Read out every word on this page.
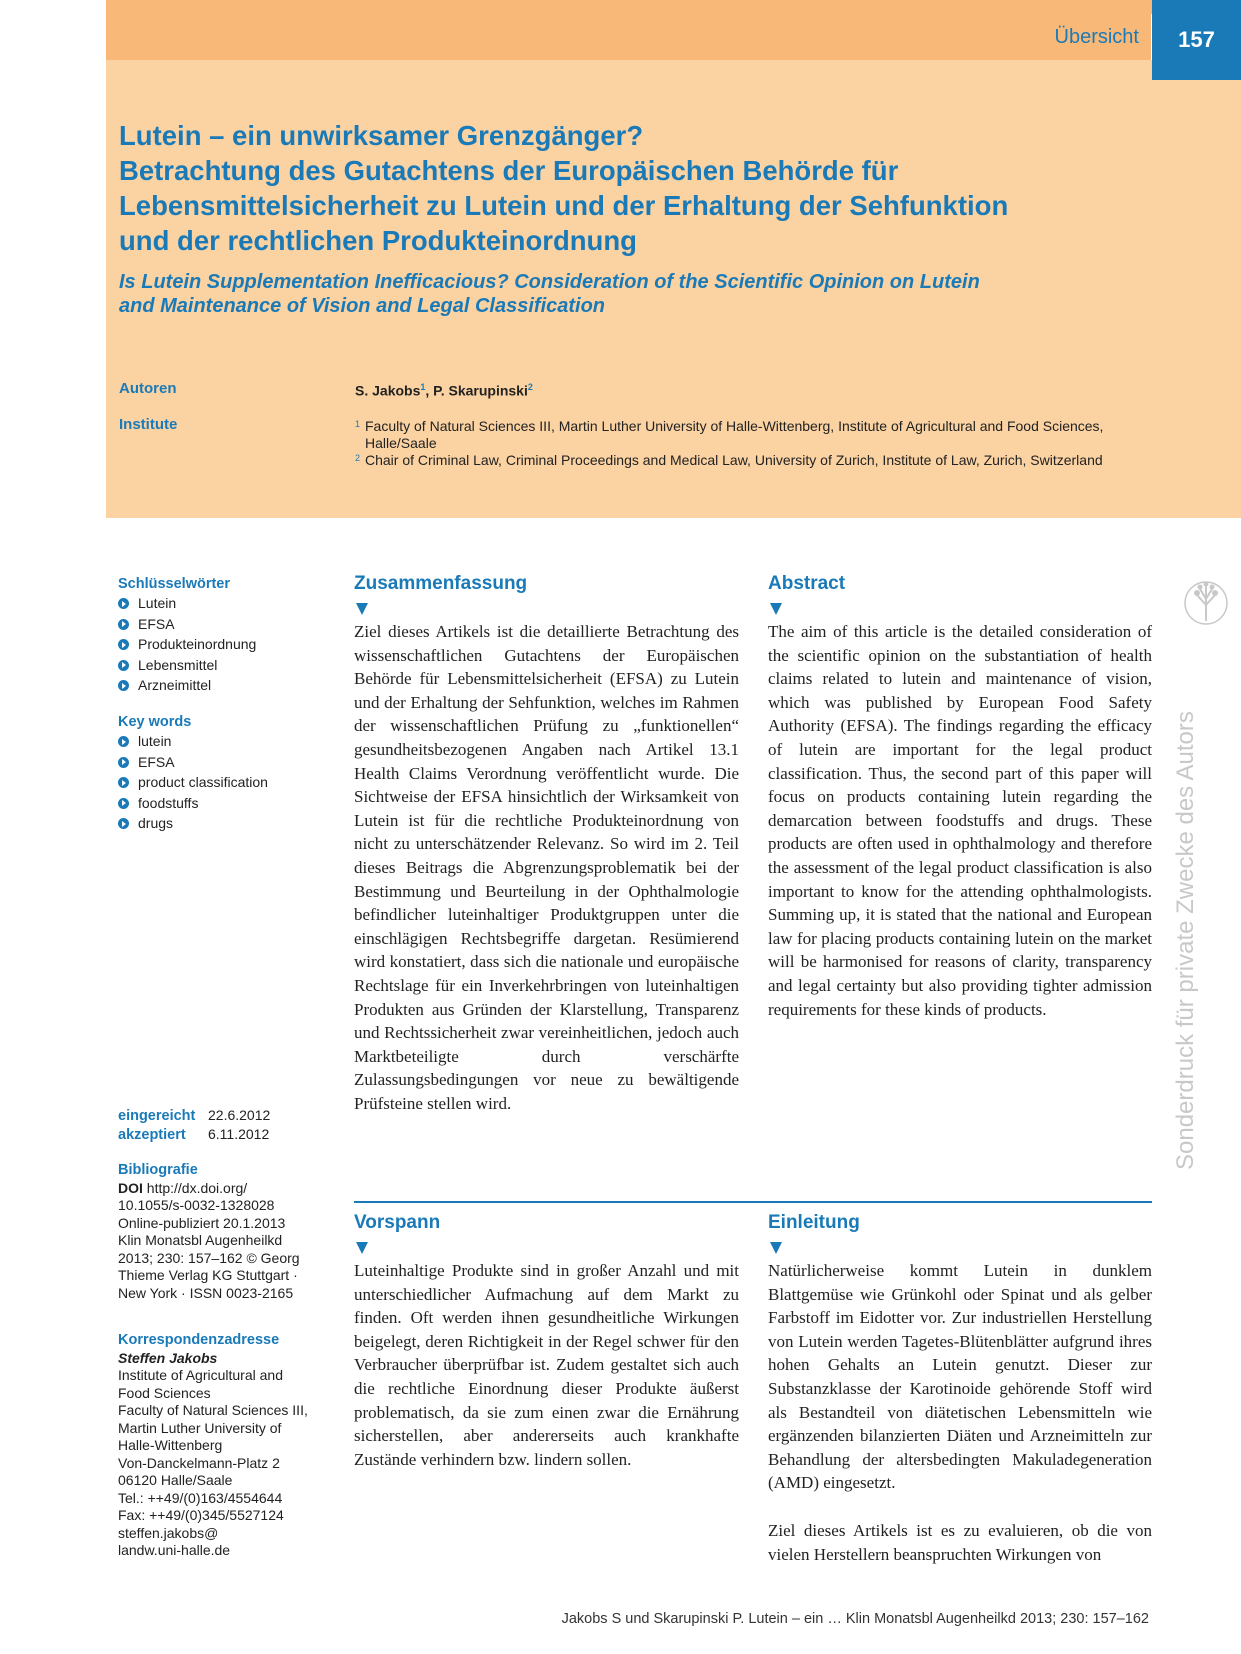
Übersicht	157
Lutein – ein unwirksamer Grenzgänger?
Betrachtung des Gutachtens der Europäischen Behörde für
Lebensmittelsicherheit zu Lutein und der Erhaltung der Sehfunktion
und der rechtlichen Produkteinordnung
Is Lutein Supplementation Inefficacious? Consideration of the Scientific Opinion on Lutein
and Maintenance of Vision and Legal Classification
Autoren	S. Jakobs$^1$, P. Skarupinski$^2$
Institute	1 Faculty of Natural Sciences III, Martin Luther University of Halle-Wittenberg, Institute of Agricultural and Food Sciences, Halle/Saale
2 Chair of Criminal Law, Criminal Proceedings and Medical Law, University of Zurich, Institute of Law, Zurich, Switzerland
Schlüsselwörter
Lutein
EFSA
Produkteinordnung
Lebensmittel
Arzneimittel
Key words
lutein
EFSA
product classification
foodstuffs
drugs
eingereicht 22.6.2012
akzeptiert 6.11.2012
Bibliografie
DOI http://dx.doi.org/
10.1055/s-0032-1328028
Online-publiziert 20.1.2013
Klin Monatsbl Augenheilkd
2013; 230: 157–162 © Georg
Thieme Verlag KG Stuttgart ·
New York · ISSN 0023-2165
Korrespondenzadresse
Steffen Jakobs
Institute of Agricultural and
Food Sciences
Faculty of Natural Sciences III,
Martin Luther University of
Halle-Wittenberg
Von-Danckelmann-Platz 2
06120 Halle/Saale
Tel.: ++49/(0)163/4554644
Fax: ++49/(0)345/5527124
steffen.jakobs@
landw.uni-halle.de
Zusammenfassung

Ziel dieses Artikels ist die detaillierte Betrachtung des wissenschaftlichen Gutachtens der Europäischen Behörde für Lebensmittelsicherheit (EFSA) zu Lutein und der Erhaltung der Sehfunktion, welches im Rahmen der wissenschaftlichen Prüfung zu „funktionellen“ gesundheitsbezogenen Angaben nach Artikel 13.1 Health Claims Verordnung veröffentlicht wurde. Die Sichtweise der EFSA hinsichtlich der Wirksamkeit von Lutein ist für die rechtliche Produkteinordnung von nicht zu unterschätzender Relevanz. So wird im 2. Teil dieses Beitrags die Abgrenzungsproblematik bei der Bestimmung und Beurteilung in der Ophthalmologie befindlicher luteinhaltiger Produktgruppen unter die einschlägigen Rechtsbegriffe dargetan. Resümierend wird konstatiert, dass sich die nationale und europäische Rechtslage für ein Inverkehrbringen von luteinhaltigen Produkten aus Gründen der Klarstellung, Transparenz und Rechtssicherheit zwar vereinheitlichen, jedoch auch Marktbeteiligte durch verschärfte Zulassungsbedingungen vor neue zu bewältigende Prüfsteine stellen wird.

Abstract

The aim of this article is the detailed consideration of the scientific opinion on the substantiation of health claims related to lutein and maintenance of vision, which was published by European Food Safety Authority (EFSA). The findings regarding the efficacy of lutein are important for the legal product classification. Thus, the second part of this paper will focus on products containing lutein regarding the demarcation between foodstuffs and drugs. These products are often used in ophthalmology and therefore the assessment of the legal product classification is also important to know for the attending ophthalmologists. Summing up, it is stated that the national and European law for placing products containing lutein on the market will be harmonised for reasons of clarity, transparency and legal certainty but also providing tighter admission requirements for these kinds of products.

Vorspann

Luteinhaltige Produkte sind in großer Anzahl und mit unterschiedlicher Aufmachung auf dem Markt zu finden. Oft werden ihnen gesundheitliche Wirkungen beigelegt, deren Richtigkeit in der Regel schwer für den Verbraucher überprüfbar ist. Zudem gestaltet sich auch die rechtliche Einordnung dieser Produkte äußerst problematisch, da sie zum einen zwar die Ernährung sicherstellen, aber andererseits auch krankhafte Zustände verhindern bzw. lindern sollen.

Einleitung

Natürlicherweise kommt Lutein in dunklem Blattgemüse wie Grünkohl oder Spinat und als gelber Farbstoff im Eidotter vor. Zur industriellen Herstellung von Lutein werden Tagetes-Blütenblätter aufgrund ihres hohen Gehalts an Lutein genutzt. Dieser zur Substanzklasse der Karotinoide gehörende Stoff wird als Bestandteil von diätetischen Lebensmitteln wie ergänzenden bilanzierten Diäten und Arzneimitteln zur Behandlung der altersbedingten Makuladegeneration (AMD) eingesetzt.

Ziel dieses Artikels ist es zu evaluieren, ob die von vielen Herstellern beanspruchten Wirkungen von

Sonderdruck für private Zwecke des Autors
Jakobs S und Skarupinski P. Lutein – ein … Klin Monatsbl Augenheilkd 2013; 230: 157–162
